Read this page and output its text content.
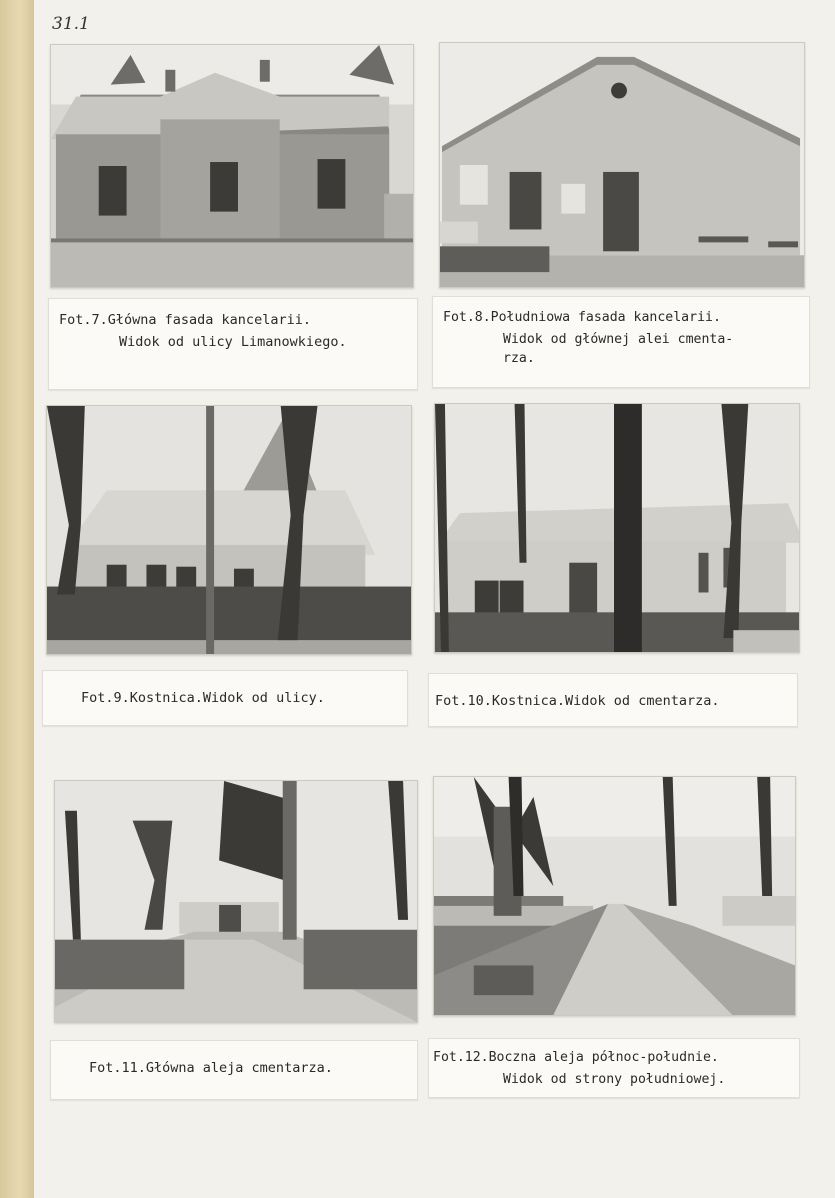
31.1
Fot.7.Główna fasada kancelarii.
Widok od ulicy Limanowkiego.
Fot.8.Południowa fasada kancelarii.
Widok od głównej alei cmenta-
rza.
Fot.9.Kostnica.Widok od ulicy.	Fot.10.Kostnica.Widok od cmentarza.
Fot.11.Główna aleja cmentarza.
Fot.12.Boczna aleja północ-południe.
Widok od strony południowej.
